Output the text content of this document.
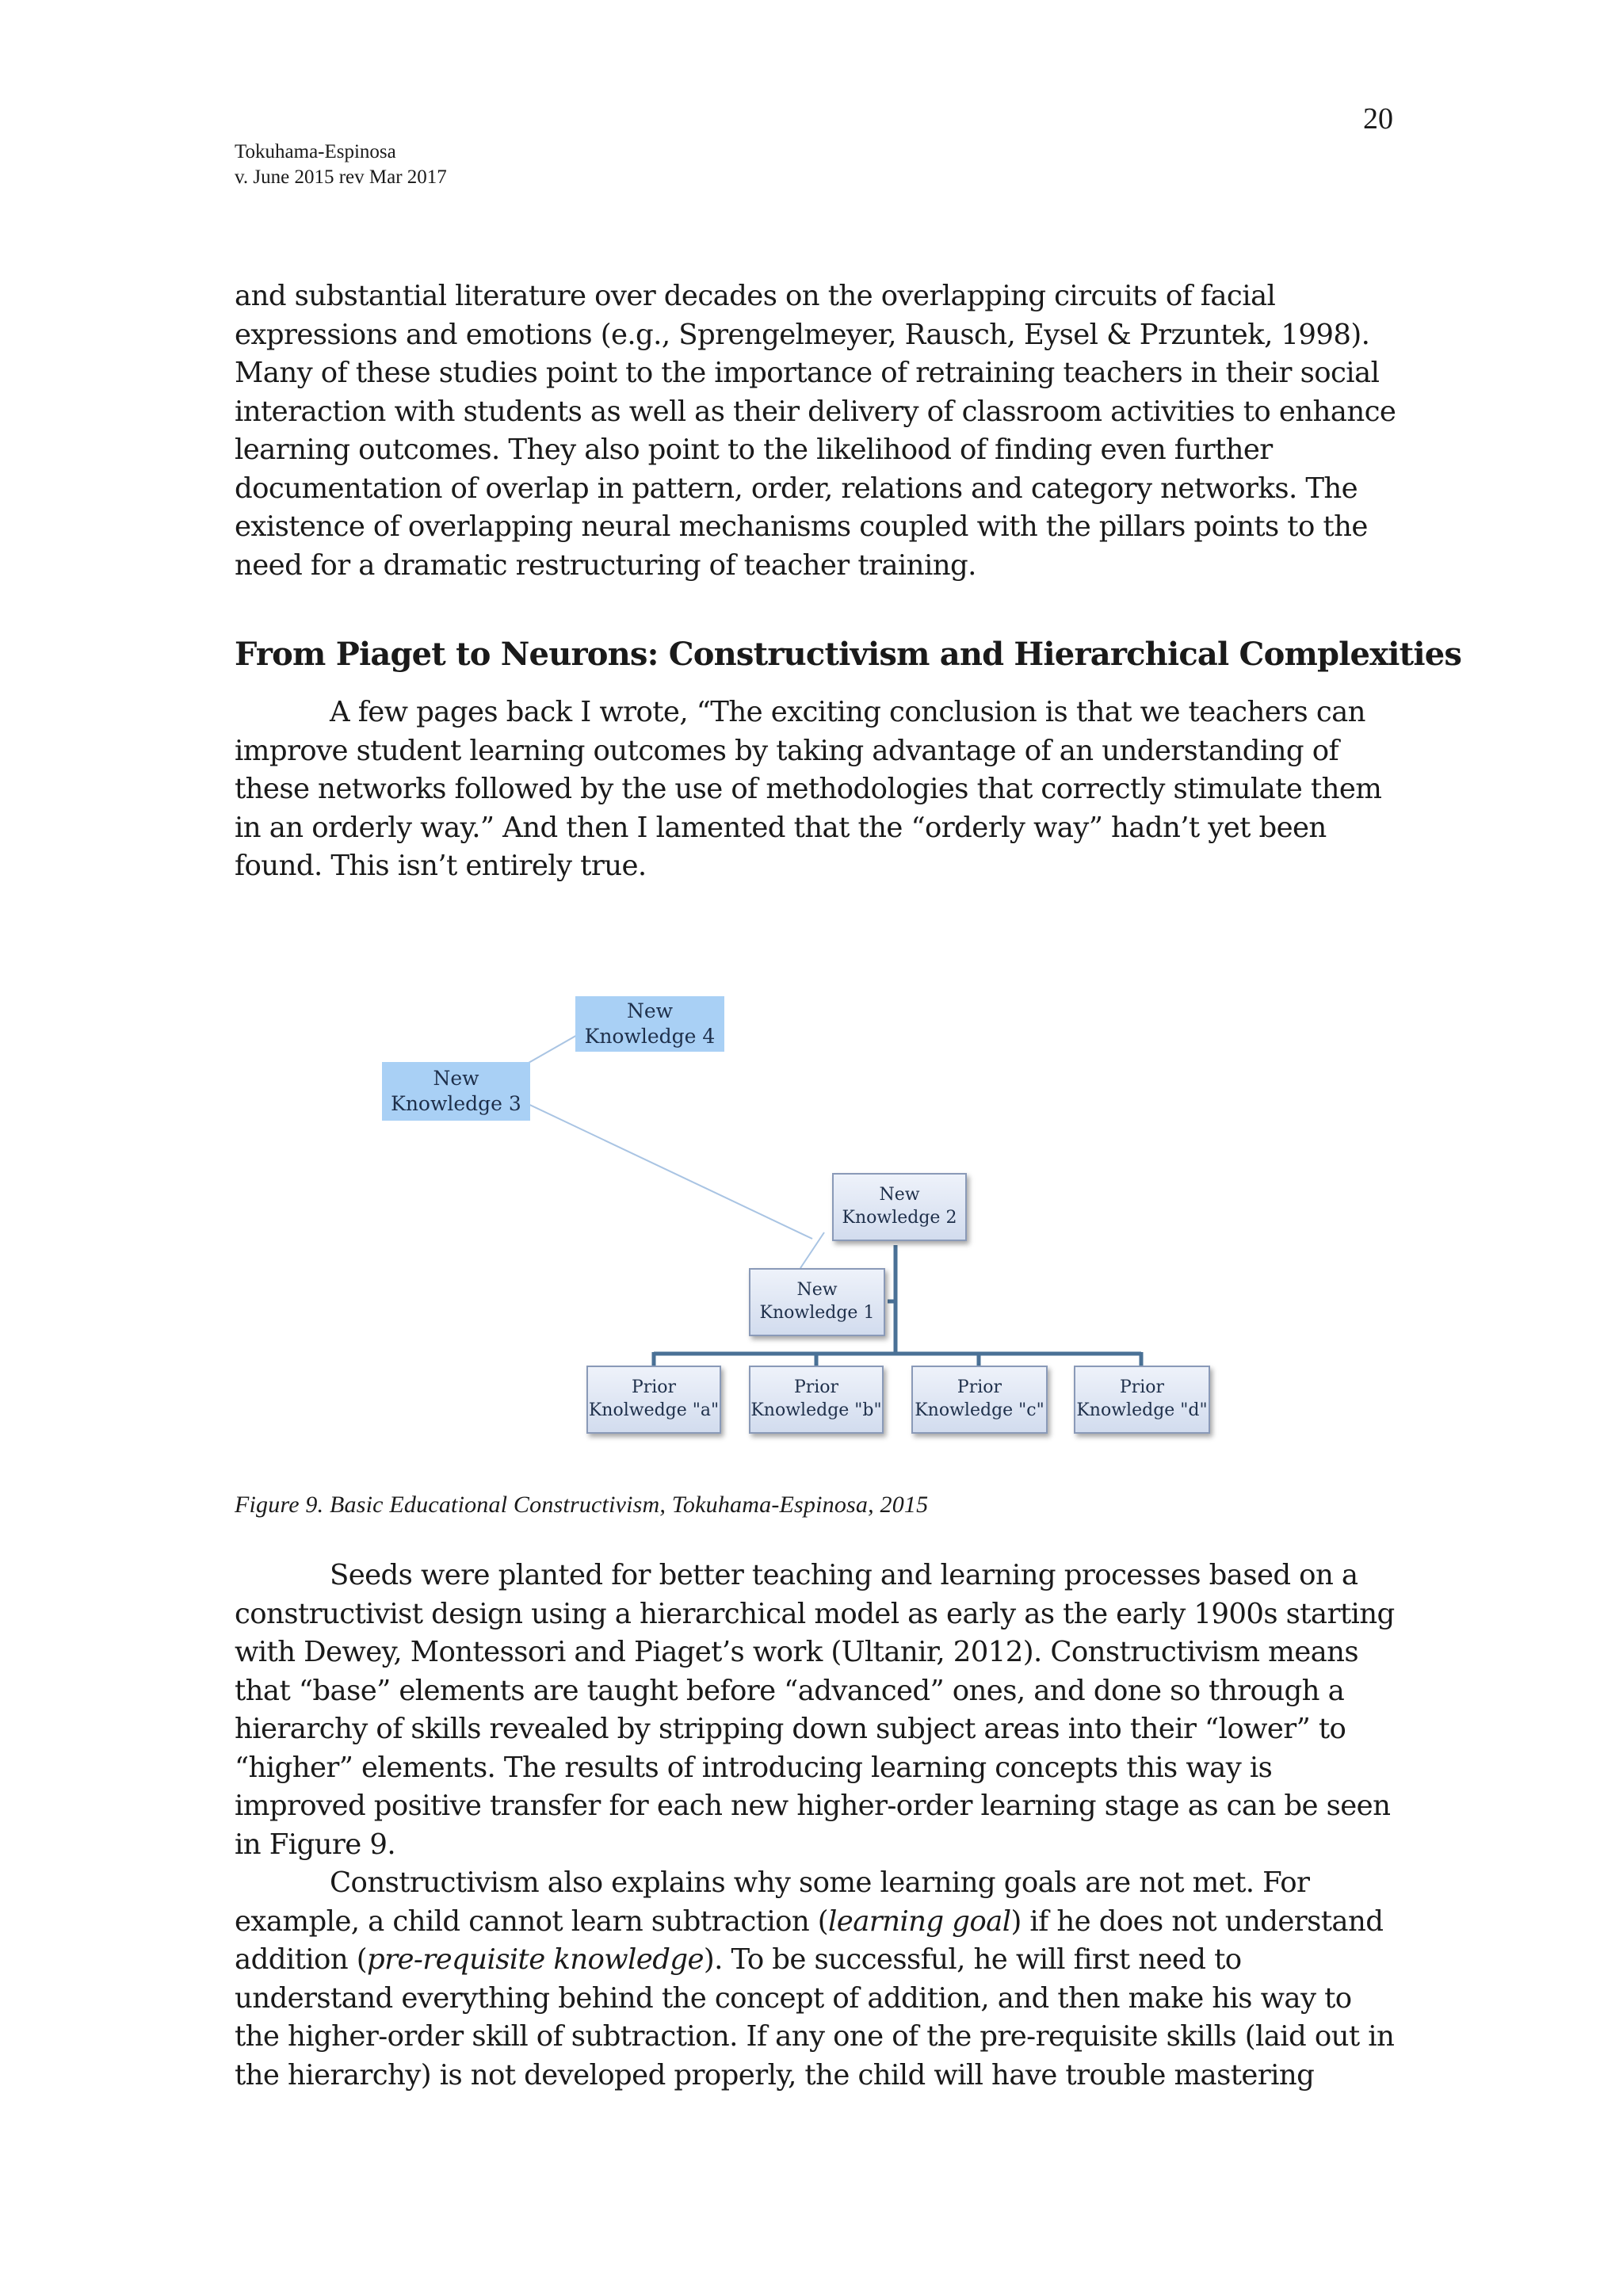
20
Tokuhama-Espinosa
v. June 2015 rev Mar 2017

and substantial literature over decades on the overlapping circuits of facial expressions and emotions (e.g., Sprengelmeyer, Rausch, Eysel & Przuntek, 1998). Many of these studies point to the importance of retraining teachers in their social interaction with students as well as their delivery of classroom activities to enhance learning outcomes. They also point to the likelihood of finding even further documentation of overlap in pattern, order, relations and category networks. The existence of overlapping neural mechanisms coupled with the pillars points to the need for a dramatic restructuring of teacher training.

From Piaget to Neurons: Constructivism and Hierarchical Complexities

A few pages back I wrote, “The exciting conclusion is that we teachers can improve student learning outcomes by taking advantage of an understanding of these networks followed by the use of methodologies that correctly stimulate them in an orderly way.” And then I lamented that the “orderly way” hadn’t yet been found. This isn’t entirely true.

New
Knowledge 4
New
Knowledge 3
New
Knowledge 2
New
Knowledge 1
Prior
Knolwedge "a"
Prior
Knowledge "b"
Prior
Knowledge "c"
Prior
Knowledge "d"
Figure 9. Basic Educational Constructivism, Tokuhama-Espinosa, 2015

Seeds were planted for better teaching and learning processes based on a constructivist design using a hierarchical model as early as the early 1900s starting with Dewey, Montessori and Piaget’s work (Ultanir, 2012). Constructivism means that “base” elements are taught before “advanced” ones, and done so through a hierarchy of skills revealed by stripping down subject areas into their “lower” to “higher” elements. The results of introducing learning concepts this way is improved positive transfer for each new higher-order learning stage as can be seen in Figure 9.

Constructivism also explains why some learning goals are not met. For example, a child cannot learn subtraction (learning goal) if he does not understand addition (pre-requisite knowledge). To be successful, he will first need to understand everything behind the concept of addition, and then make his way to the higher-order skill of subtraction. If any one of the pre-requisite skills (laid out in the hierarchy) is not developed properly, the child will have trouble mastering
